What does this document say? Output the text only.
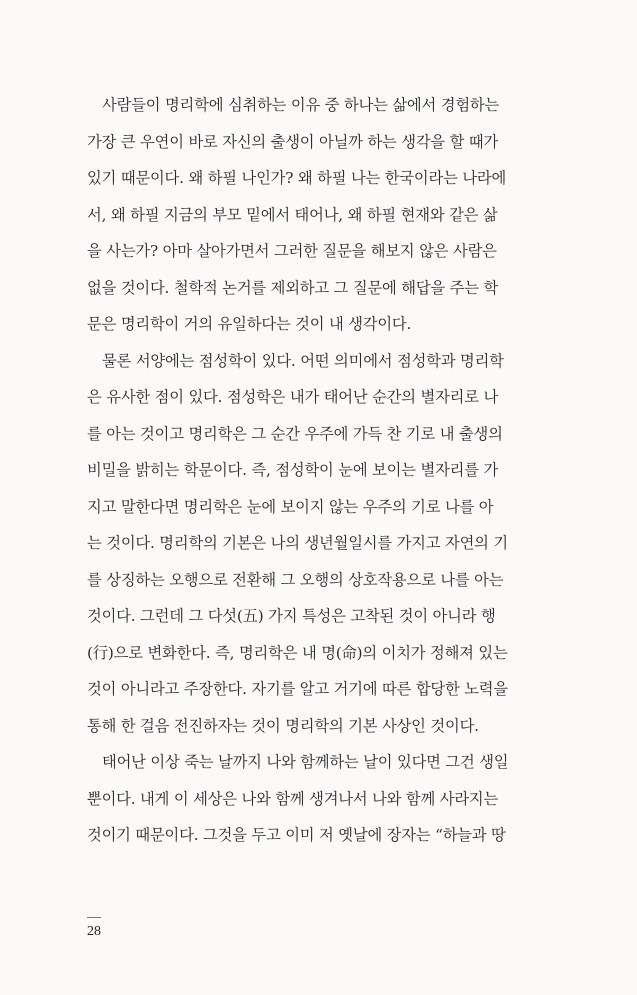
사람들이 명리학에 심취하는 이유 중 하나는 삶에서 경험하는
가장 큰 우연이 바로 자신의 출생이 아닐까 하는 생각을 할 때가
있기 때문이다. 왜 하필 나인가? 왜 하필 나는 한국이라는 나라에
서, 왜 하필 지금의 부모 밑에서 태어나, 왜 하필 현재와 같은 삶
을 사는가? 아마 살아가면서 그러한 질문을 해보지 않은 사람은
없을 것이다. 철학적 논거를 제외하고 그 질문에 해답을 주는 학
문은 명리학이 거의 유일하다는 것이 내 생각이다.
물론 서양에는 점성학이 있다. 어떤 의미에서 점성학과 명리학
은 유사한 점이 있다. 점성학은 내가 태어난 순간의 별자리로 나
를 아는 것이고 명리학은 그 순간 우주에 가득 찬 기로 내 출생의
비밀을 밝히는 학문이다. 즉, 점성학이 눈에 보이는 별자리를 가
지고 말한다면 명리학은 눈에 보이지 않는 우주의 기로 나를 아
는 것이다. 명리학의 기본은 나의 생년월일시를 가지고 자연의 기
를 상징하는 오행으로 전환해 그 오행의 상호작용으로 나를 아는
것이다. 그런데 그 다섯(五) 가지 특성은 고착된 것이 아니라 행
(行)으로 변화한다. 즉, 명리학은 내 명(命)의 이치가 정해져 있는
것이 아니라고 주장한다. 자기를 알고 거기에 따른 합당한 노력을
통해 한 걸음 전진하자는 것이 명리학의 기본 사상인 것이다.
태어난 이상 죽는 날까지 나와 함께하는 날이 있다면 그건 생일
뿐이다. 내게 이 세상은 나와 함께 생겨나서 나와 함께 사라지는
것이기 때문이다. 그것을 두고 이미 저 옛날에 장자는 “하늘과 땅
28
